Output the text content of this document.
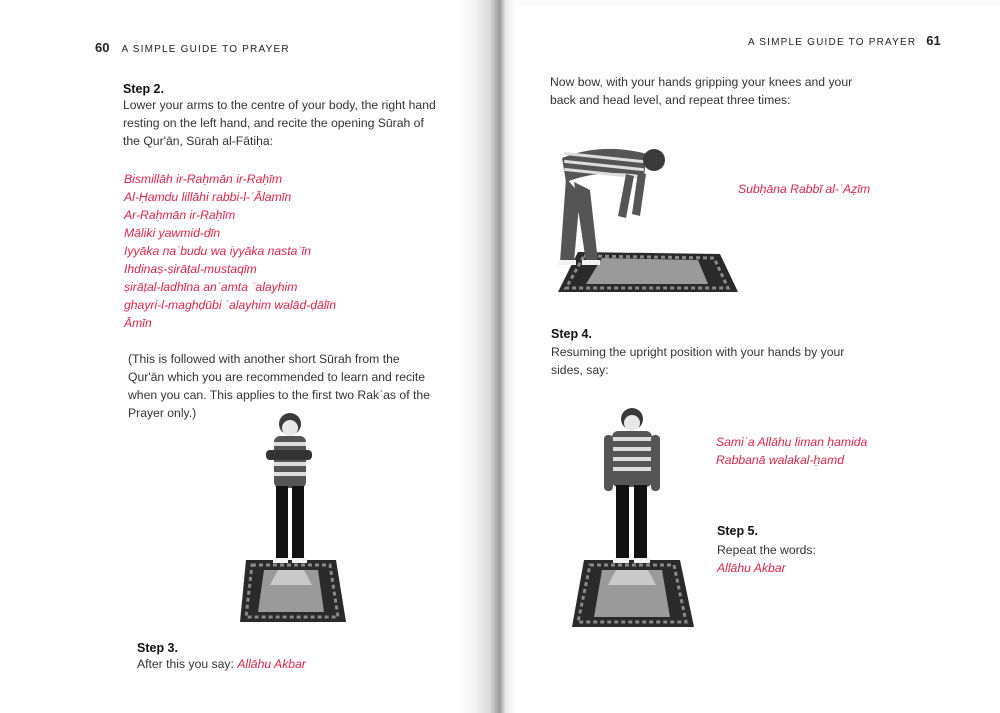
60 A SIMPLE GUIDE TO PRAYER
Step 2.
Lower your arms to the centre of your body, the right hand
resting on the left hand, and recite the opening Sūrah of
the Qur'ān, Sūrah al-Fātiḥa:
Bismillāh ir-Raḥmān ir-Raḥīm
Al-Ḥamdu lillāhi rabbi-l-ʿĀlamīn
Ar-Raḥmān ir-Raḥīm
Māliki yawmid-dīn
Iyyāka naʿbudu wa iyyāka nastaʿīn
Ihdinaṣ-ṣirāṭal-mustaqīm
ṣirāṭal-ladhīna anʿamta ʿalayhim
ghayri-l-maghḍūbi ʿalayhim walāḍ-ḍālīn
Āmīn
(This is followed with another short Sūrah from the
Qur'ān which you are recommended to learn and recite
when you can. This applies to the first two Rakʿas of the
Prayer only.)
Step 3.
After this you say: Allāhu Akbar
A SIMPLE GUIDE TO PRAYER 61
Now bow, with your hands gripping your knees and your
back and head level, and repeat three times:
Subḥāna Rabbī al-ʿAẓīm
Step 4.
Resuming the upright position with your hands by your
sides, say:
Samiʿa Allāhu liman ḥamida
Rabbanā walakal-ḥamd
Step 5.
Repeat the words:
Allāhu Akbar
